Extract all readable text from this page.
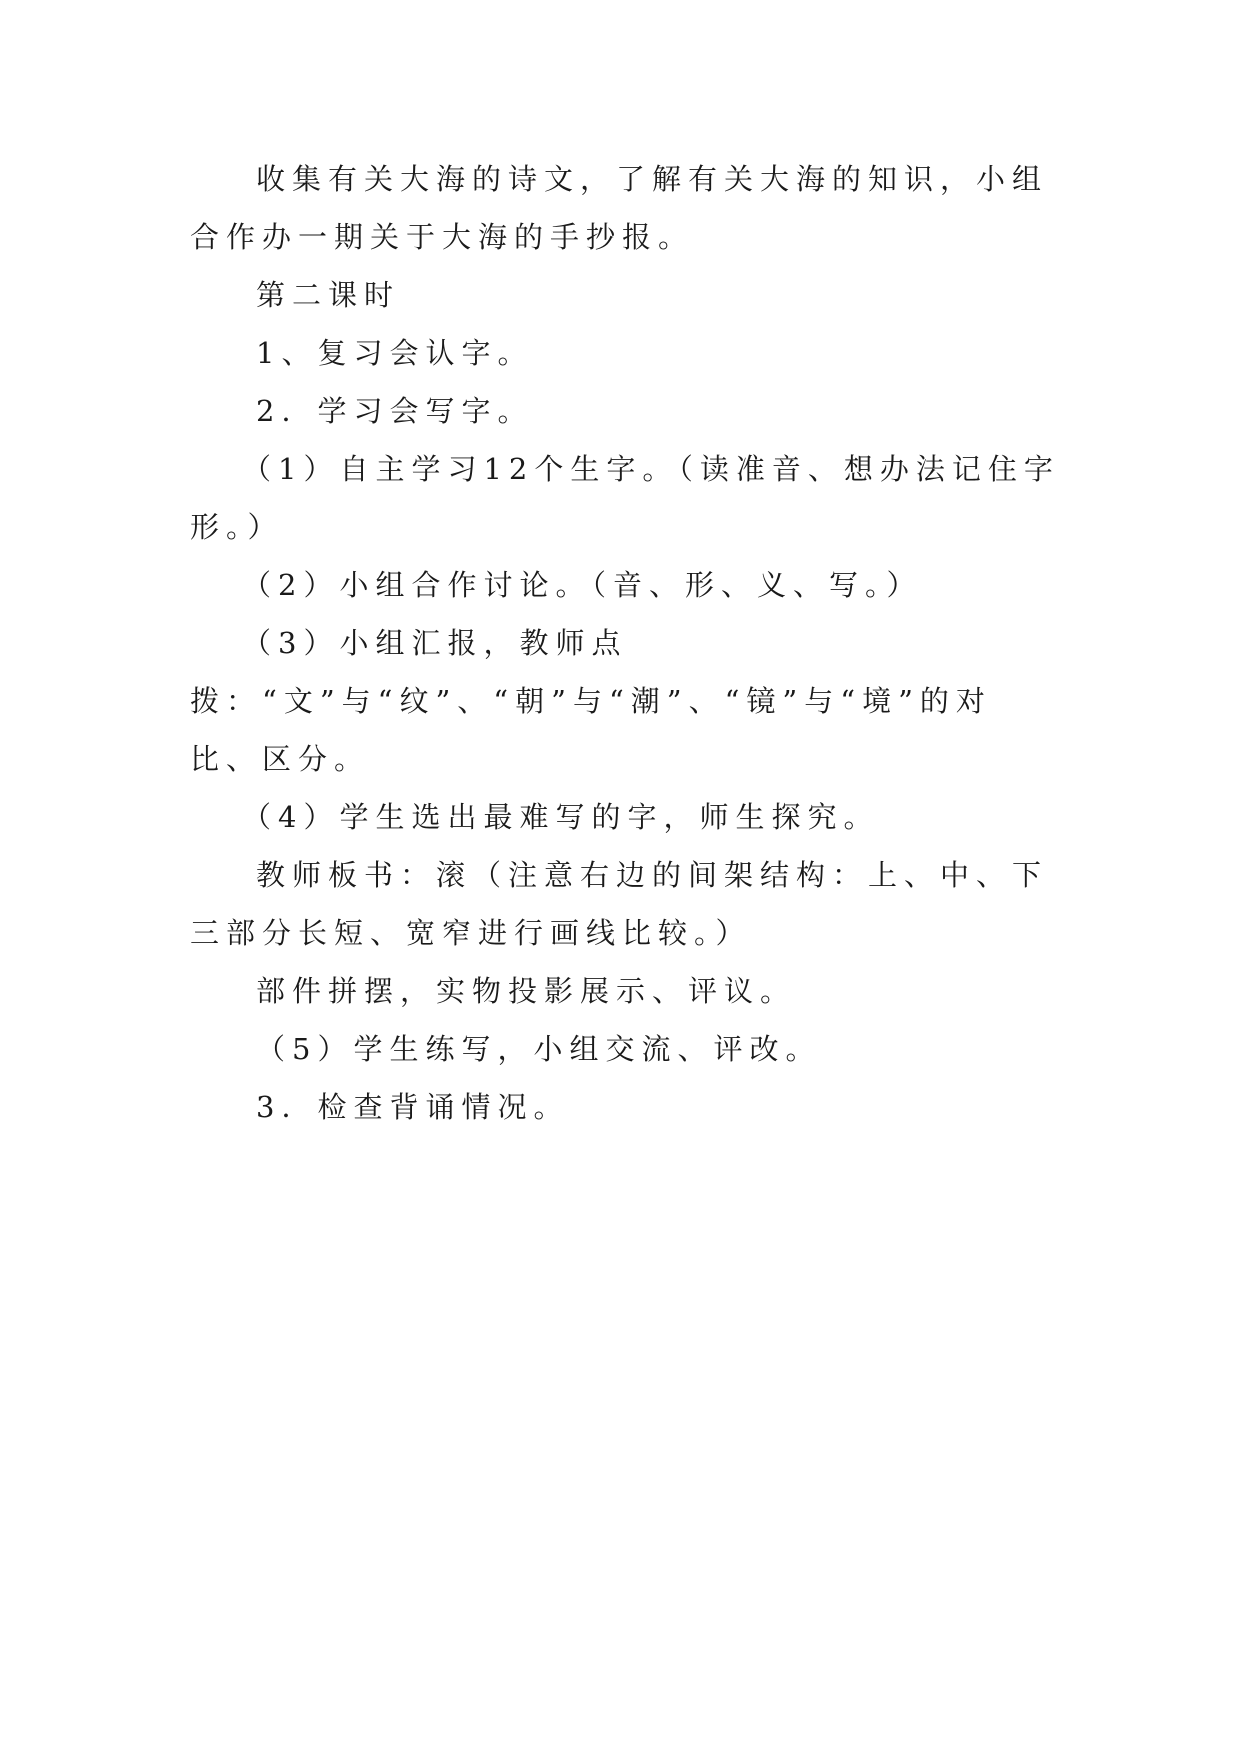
收集有关大海的诗文，了解有关大海的知识，小组合作办一期关于大海的手抄报。

第二课时

1、复习会认字。

2．学习会写字。

（1）自主学习12个生字。（读准音、想办法记住字形。）

（2）小组合作讨论。（音、形、义、写。）

（3）小组汇报，教师点拨：“文”与“纹”、“朝”与“潮”、“镜”与“境”的对比、区分。

（4）学生选出最难写的字，师生探究。

教师板书：滚（注意右边的间架结构：上、中、下三部分长短、宽窄进行画线比较。）

部件拼摆，实物投影展示、评议。

（5）学生练写，小组交流、评改。

3．检查背诵情况。
